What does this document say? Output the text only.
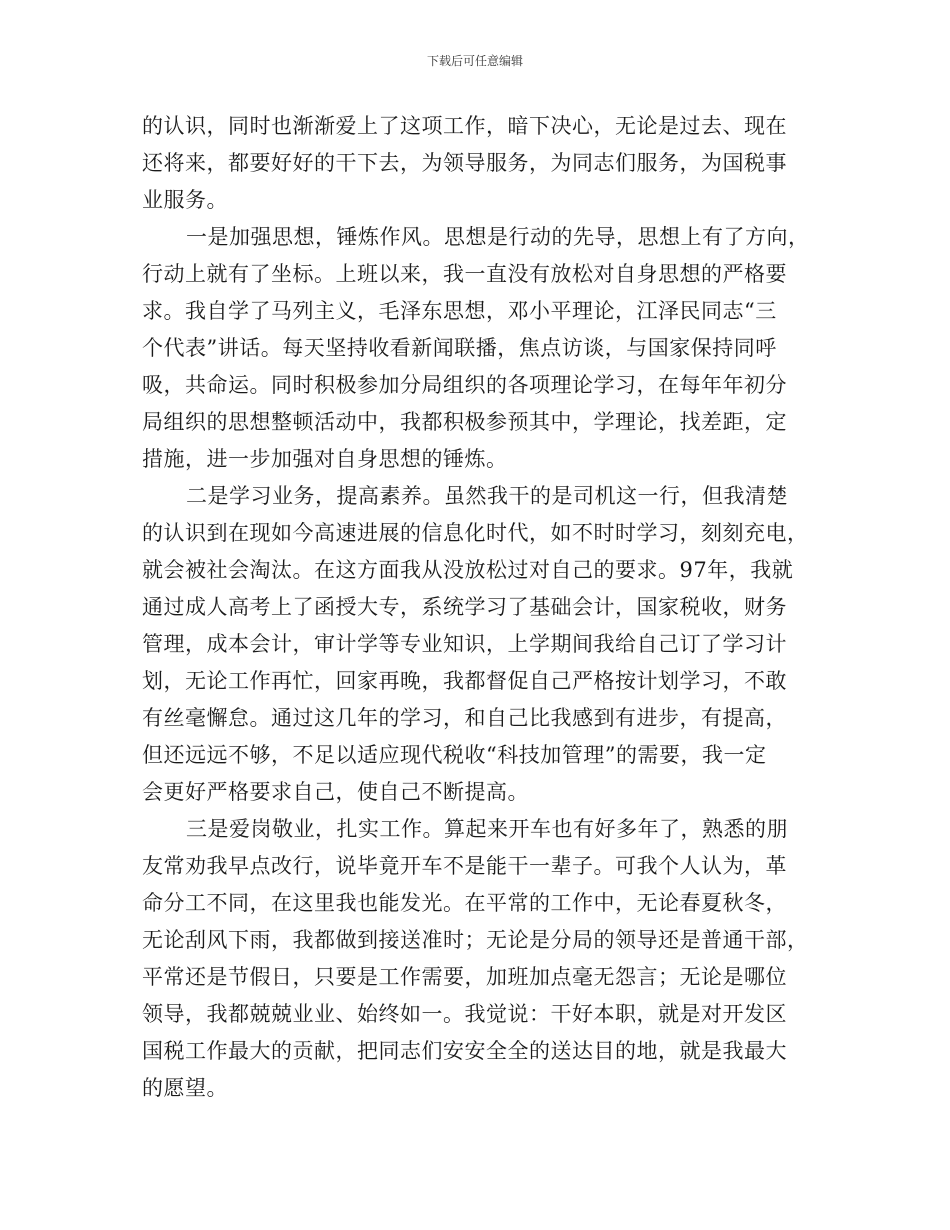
下载后可任意编辑
的认识，同时也渐渐爱上了这项工作，暗下决心，无论是过去、现在
还将来，都要好好的干下去，为领导服务，为同志们服务，为国税事
业服务。
一是加强思想，锤炼作风。思想是行动的先导，思想上有了方向，
行动上就有了坐标。上班以来，我一直没有放松对自身思想的严格要
求。我自学了马列主义，毛泽东思想，邓小平理论，江泽民同志“三
个代表”讲话。每天坚持收看新闻联播，焦点访谈，与国家保持同呼
吸，共命运。同时积极参加分局组织的各项理论学习，在每年年初分
局组织的思想整顿活动中，我都积极参预其中，学理论，找差距，定
措施，进一步加强对自身思想的锤炼。
二是学习业务，提高素养。虽然我干的是司机这一行，但我清楚
的认识到在现如今高速进展的信息化时代，如不时时学习，刻刻充电，
就会被社会淘汰。在这方面我从没放松过对自己的要求。97年，我就
通过成人高考上了函授大专，系统学习了基础会计，国家税收，财务
管理，成本会计，审计学等专业知识，上学期间我给自己订了学习计
划，无论工作再忙，回家再晚，我都督促自己严格按计划学习，不敢
有丝毫懈怠。通过这几年的学习，和自己比我感到有进步，有提高，
但还远远不够，不足以适应现代税收“科技加管理”的需要，我一定
会更好严格要求自己，使自己不断提高。
三是爱岗敬业，扎实工作。算起来开车也有好多年了，熟悉的朋
友常劝我早点改行，说毕竟开车不是能干一辈子。可我个人认为，革
命分工不同，在这里我也能发光。在平常的工作中，无论春夏秋冬，
无论刮风下雨，我都做到接送准时；无论是分局的领导还是普通干部，
平常还是节假日，只要是工作需要，加班加点毫无怨言；无论是哪位
领导，我都兢兢业业、始终如一。我觉说：干好本职，就是对开发区
国税工作最大的贡献，把同志们安安全全的送达目的地，就是我最大
的愿望。
